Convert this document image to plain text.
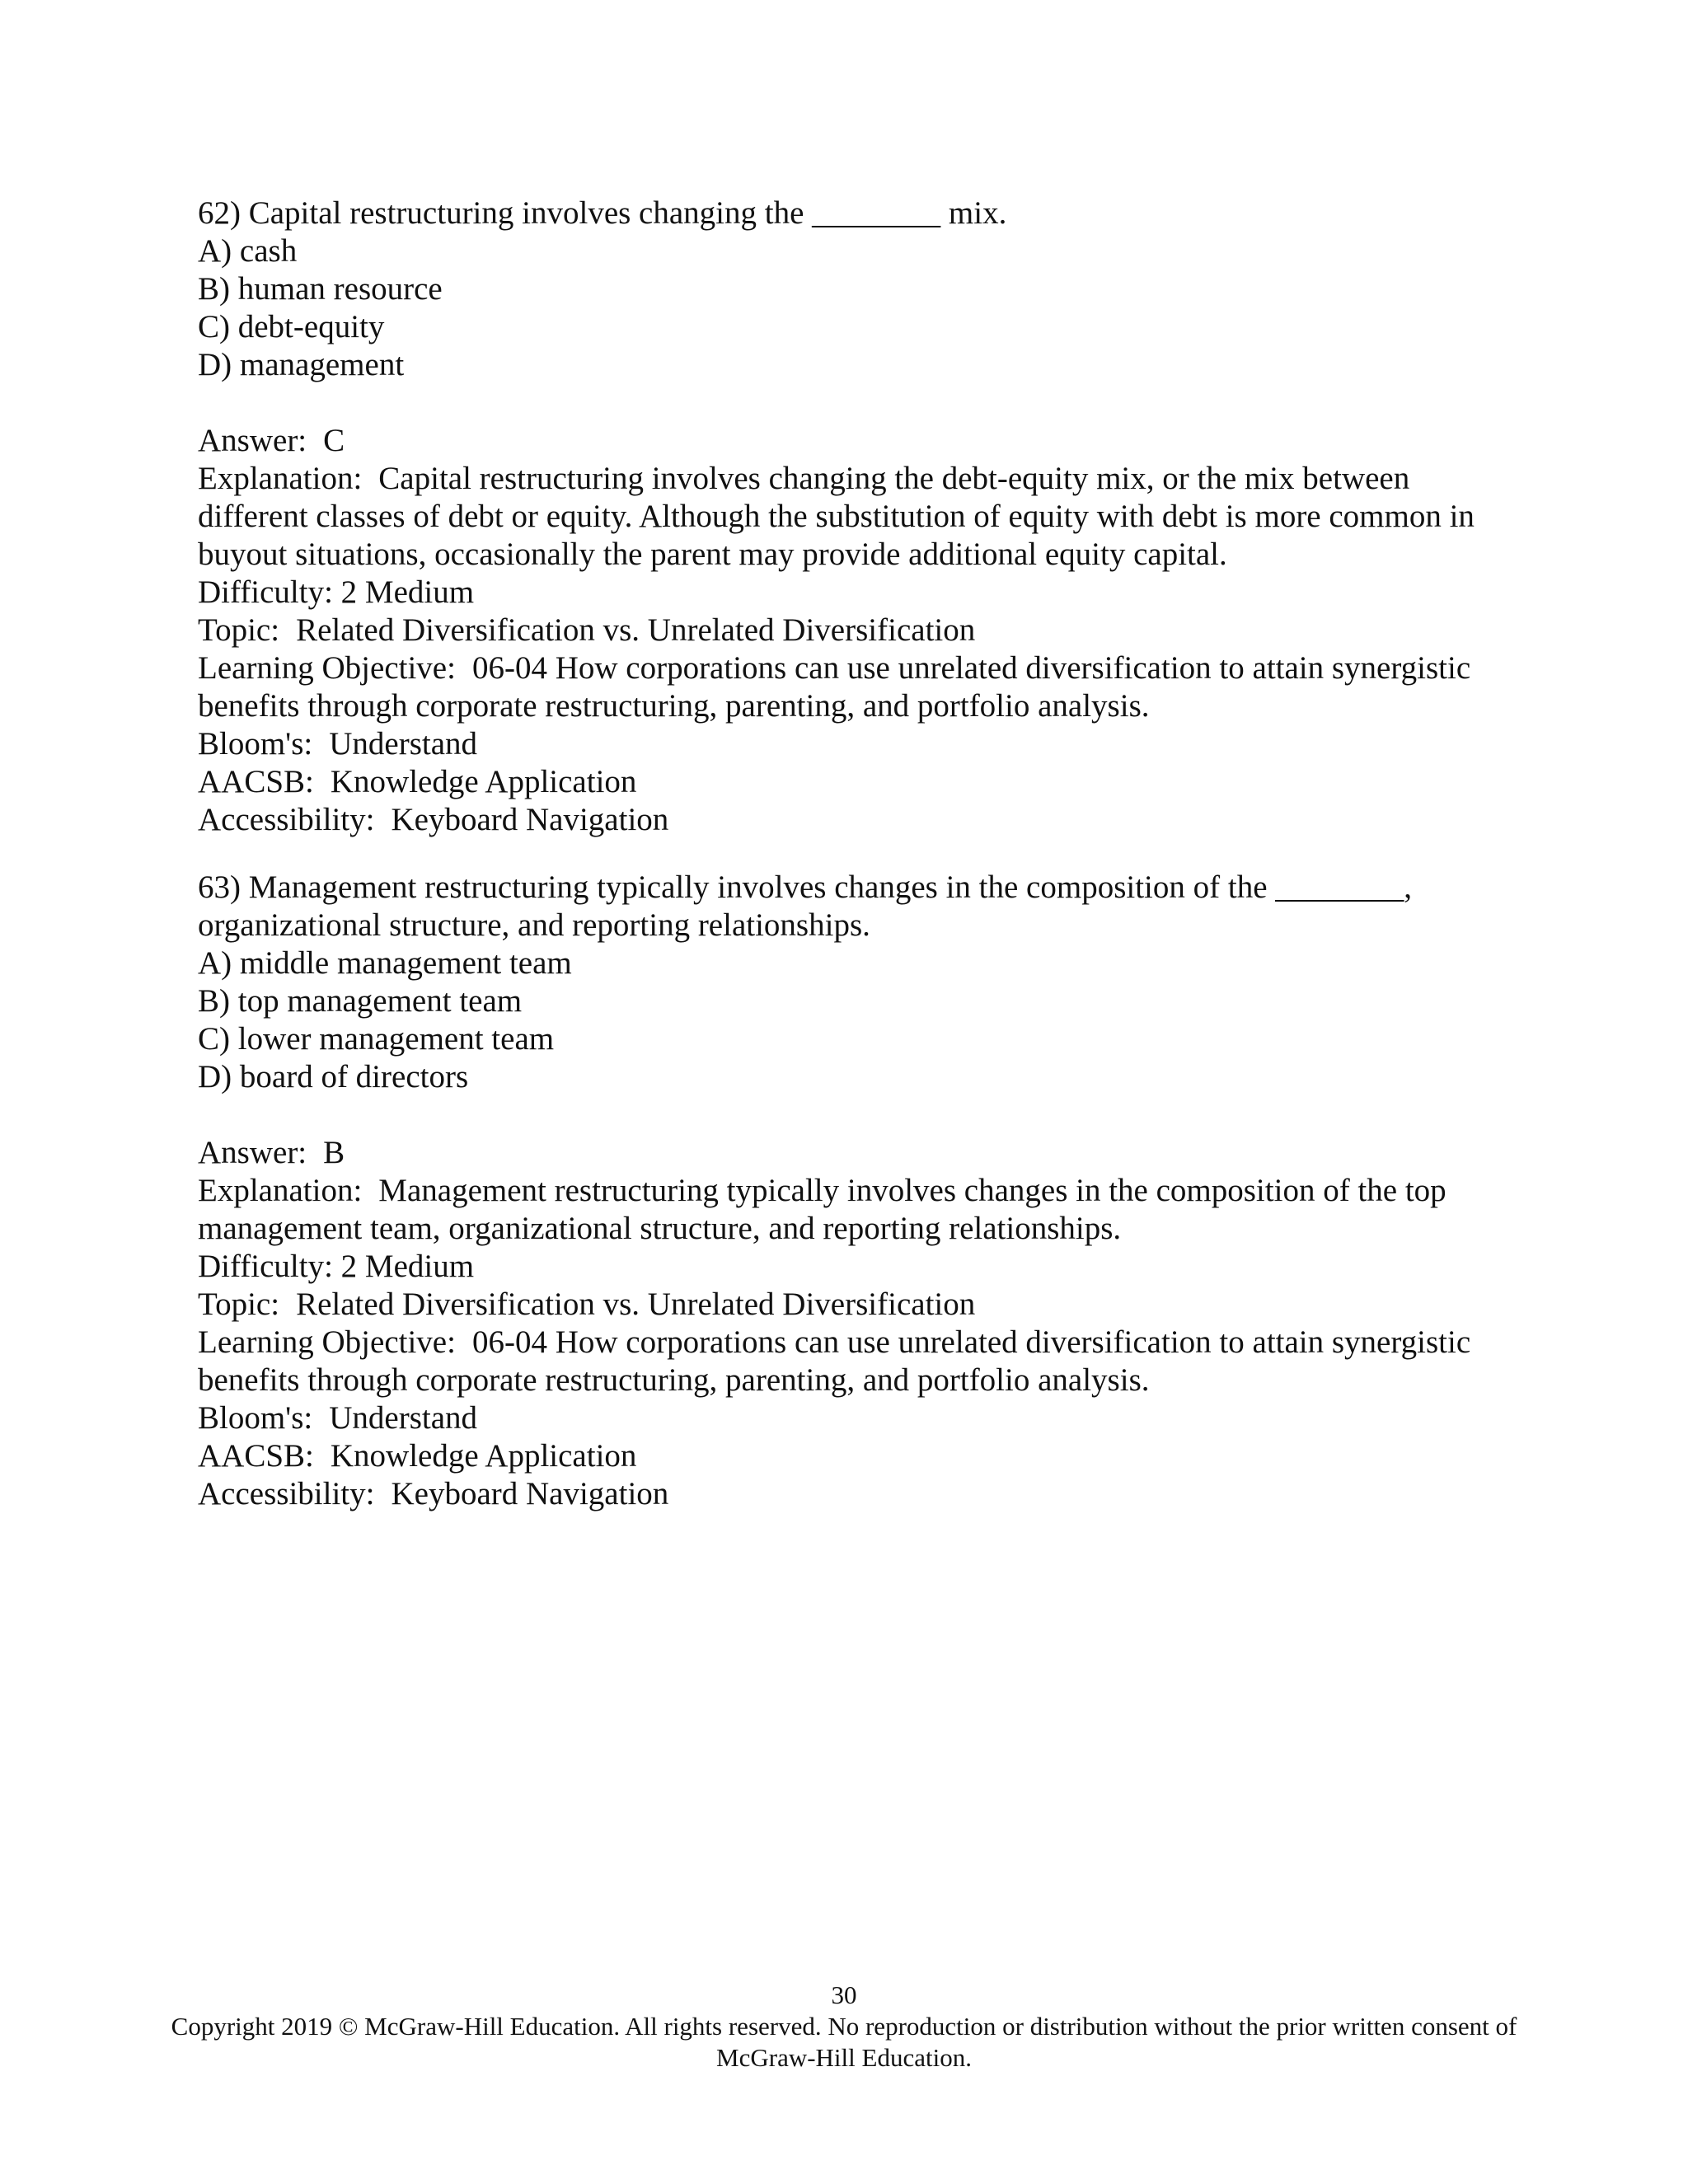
62) Capital restructuring involves changing the ________ mix.
A) cash
B) human resource
C) debt-equity
D) management
Answer: C
Explanation: Capital restructuring involves changing the debt-equity mix, or the mix between different classes of debt or equity. Although the substitution of equity with debt is more common in buyout situations, occasionally the parent may provide additional equity capital.
Difficulty: 2 Medium
Topic: Related Diversification vs. Unrelated Diversification
Learning Objective: 06-04 How corporations can use unrelated diversification to attain synergistic benefits through corporate restructuring, parenting, and portfolio analysis.
Bloom's: Understand
AACSB: Knowledge Application
Accessibility: Keyboard Navigation
63) Management restructuring typically involves changes in the composition of the ________, organizational structure, and reporting relationships.
A) middle management team
B) top management team
C) lower management team
D) board of directors
Answer: B
Explanation: Management restructuring typically involves changes in the composition of the top management team, organizational structure, and reporting relationships.
Difficulty: 2 Medium
Topic: Related Diversification vs. Unrelated Diversification
Learning Objective: 06-04 How corporations can use unrelated diversification to attain synergistic benefits through corporate restructuring, parenting, and portfolio analysis.
Bloom's: Understand
AACSB: Knowledge Application
Accessibility: Keyboard Navigation
30
Copyright 2019 © McGraw-Hill Education. All rights reserved. No reproduction or distribution without the prior written consent of McGraw-Hill Education.
